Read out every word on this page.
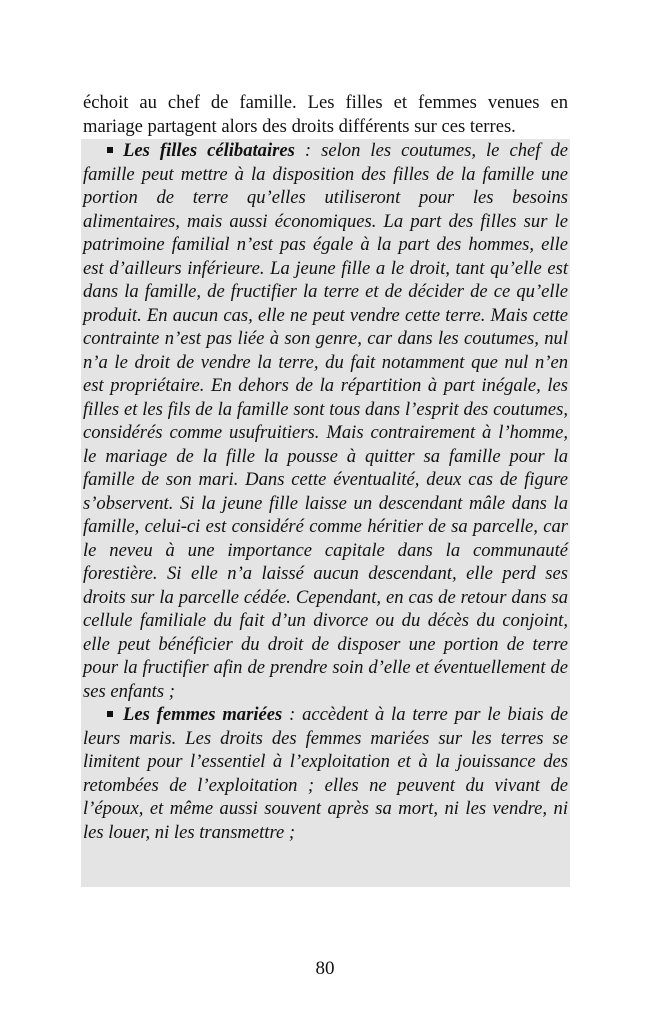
échoit au chef de famille. Les filles et femmes venues en mariage partagent alors des droits différents sur ces terres.

Les filles célibataires : selon les coutumes, le chef de famille peut mettre à la disposition des filles de la famille une portion de terre qu’elles utiliseront pour les besoins alimentaires, mais aussi économiques. La part des filles sur le patrimoine familial n’est pas égale à la part des hommes, elle est d’ailleurs inférieure. La jeune fille a le droit, tant qu’elle est dans la famille, de fructifier la terre et de décider de ce qu’elle produit. En aucun cas, elle ne peut vendre cette terre. Mais cette contrainte n’est pas liée à son genre, car dans les coutumes, nul n’a le droit de vendre la terre, du fait notamment que nul n’en est propriétaire. En dehors de la répartition à part inégale, les filles et les fils de la famille sont tous dans l’esprit des coutumes, considérés comme usufruitiers. Mais contrairement à l’homme, le mariage de la fille la pousse à quitter sa famille pour la famille de son mari. Dans cette éventualité, deux cas de figure s’observent. Si la jeune fille laisse un descendant mâle dans la famille, celui-ci est considéré comme héritier de sa parcelle, car le neveu à une importance capitale dans la communauté forestière. Si elle n’a laissé aucun descendant, elle perd ses droits sur la parcelle cédée. Cependant, en cas de retour dans sa cellule familiale du fait d’un divorce ou du décès du conjoint, elle peut bénéficier du droit de disposer une portion de terre pour la fructifier afin de prendre soin d’elle et éventuellement de ses enfants ;

Les femmes mariées : accèdent à la terre par le biais de leurs maris. Les droits des femmes mariées sur les terres se limitent pour l’essentiel à l’exploitation et à la jouissance des retombées de l’exploitation ; elles ne peuvent du vivant de l’époux, et même aussi souvent après sa mort, ni les vendre, ni les louer, ni les transmettre ;

80
